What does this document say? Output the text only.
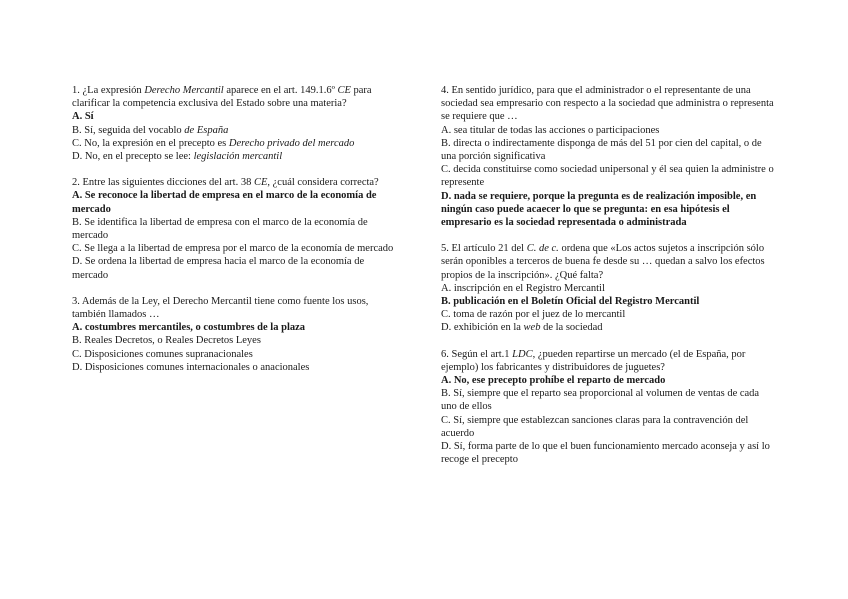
1. ¿La expresión Derecho Mercantil aparece en el art. 149.1.6º CE para clarificar la competencia exclusiva del Estado sobre una materia?

A. Sí

B. Sí, seguida del vocablo de España

C. No, la expresión en el precepto es Derecho privado del mercado

D. No, en el precepto se lee: legislación mercantil

2. Entre las siguientes dicciones del art. 38 CE, ¿cuál considera correcta?

A. Se reconoce la libertad de empresa en el marco de la economía de mercado

B. Se identifica la libertad de empresa con el marco de la economía de mercado

C. Se llega a la libertad de empresa por el marco de la economía de mercado

D. Se ordena la libertad de empresa hacia el marco de la economía de mercado

3. Además de la Ley, el Derecho Mercantil tiene como fuente los usos, también llamados …

A. costumbres mercantiles, o costumbres de la plaza

B. Reales Decretos, o Reales Decretos Leyes

C. Disposiciones comunes supranacionales

D. Disposiciones comunes internacionales o anacionales

4. En sentido jurídico, para que el administrador o el representante de una sociedad sea empresario con respecto a la sociedad que administra o representa se requiere que …

A. sea titular de todas las acciones o participaciones

B. directa o indirectamente disponga de más del 51 por cien del capital, o de una porción significativa

C. decida constituirse como sociedad unipersonal y él sea quien la administre o represente

D. nada se requiere, porque la pregunta es de realización imposible, en ningún caso puede acaecer lo que se pregunta: en esa hipótesis el empresario es la sociedad representada o administrada

5. El artículo 21 del C. de c. ordena que «Los actos sujetos a inscripción sólo serán oponibles a terceros de buena fe desde su … quedan a salvo los efectos propios de la inscripción». ¿Qué falta?

A. inscripción en el Registro Mercantil

B. publicación en el Boletín Oficial del Registro Mercantil

C. toma de razón por el juez de lo mercantil

D. exhibición en la web de la sociedad

6. Según el art.1 LDC, ¿pueden repartirse un mercado (el de España, por ejemplo) los fabricantes y distribuidores de juguetes?

A. No, ese precepto prohíbe el reparto de mercado

B. Sí, siempre que el reparto sea proporcional al volumen de ventas de cada uno de ellos

C. Sí, siempre que establezcan sanciones claras para la contravención del acuerdo

D. Sí, forma parte de lo que el buen funcionamiento mercado aconseja y así lo recoge el precepto
